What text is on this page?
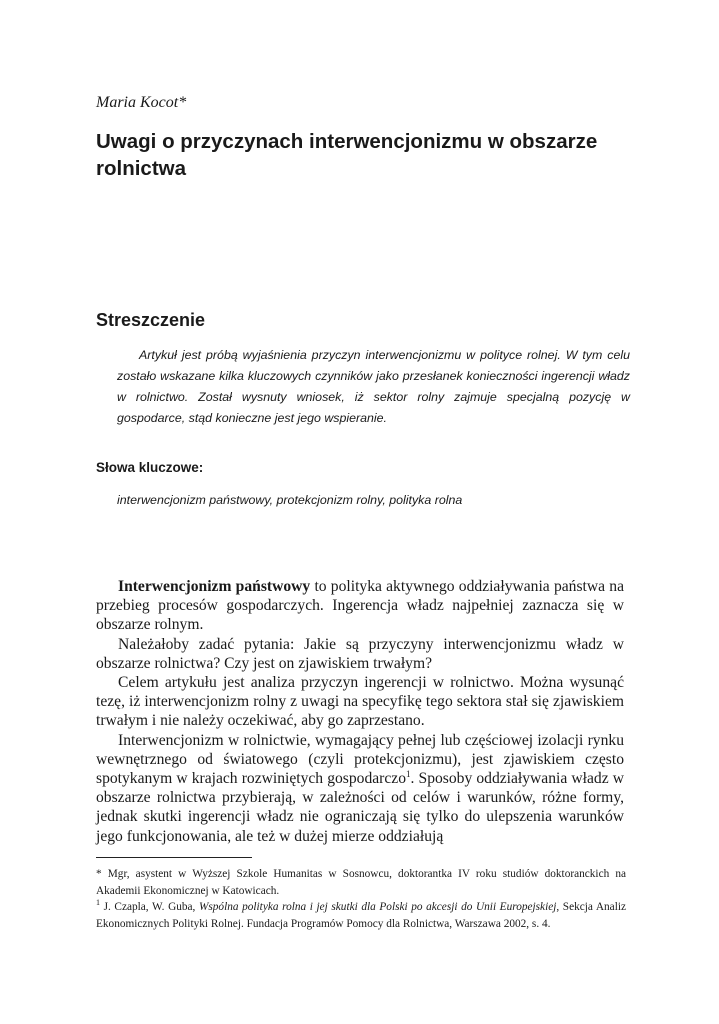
Maria Kocot*
Uwagi o przyczynach interwencjonizmu w obszarze rolnictwa
Streszczenie
Artykuł jest próbą wyjaśnienia przyczyn interwencjonizmu w polityce rolnej. W tym celu zostało wskazane kilka kluczowych czynników jako przesłanek konieczności ingerencji władz w rolnictwo. Został wysnuty wniosek, iż sektor rolny zajmuje specjalną pozycję w gospodarce, stąd konieczne jest jego wspieranie.
Słowa kluczowe:
interwencjonizm państwowy, protekcjonizm rolny, polityka rolna

Interwencjonizm państwowy to polityka aktywnego oddziaływania państwa na przebieg procesów gospodarczych. Ingerencja władz najpełniej zaznacza się w obszarze rolnym.

Należałoby zadać pytania: Jakie są przyczyny interwencjonizmu władz w obszarze rolnictwa? Czy jest on zjawiskiem trwałym?

Celem artykułu jest analiza przyczyn ingerencji w rolnictwo. Można wysunąć tezę, iż interwencjonizm rolny z uwagi na specyfikę tego sektora stał się zjawiskiem trwałym i nie należy oczekiwać, aby go zaprzestano.

Interwencjonizm w rolnictwie, wymagający pełnej lub częściowej izolacji rynku wewnętrznego od światowego (czyli protekcjonizmu), jest zjawiskiem często spotykanym w krajach rozwiniętych gospodarczo$^1$. Sposoby oddziaływania władz w obszarze rolnictwa przybierają, w zależności od celów i warunków, różne formy, jednak skutki ingerencji władz nie ograniczają się tylko do ulepszenia warunków jego funkcjonowania, ale też w dużej mierze oddziałują

* Mgr, asystent w Wyższej Szkole Humanitas w Sosnowcu, doktorantka IV roku studiów doktoranckich na Akademii Ekonomicznej w Katowicach.

$^1$ J. Czapla, W. Guba, Wspólna polityka rolna i jej skutki dla Polski po akcesji do Unii Europejskiej, Sekcja Analiz Ekonomicznych Polityki Rolnej. Fundacja Programów Pomocy dla Rolnictwa, Warszawa 2002, s. 4.
